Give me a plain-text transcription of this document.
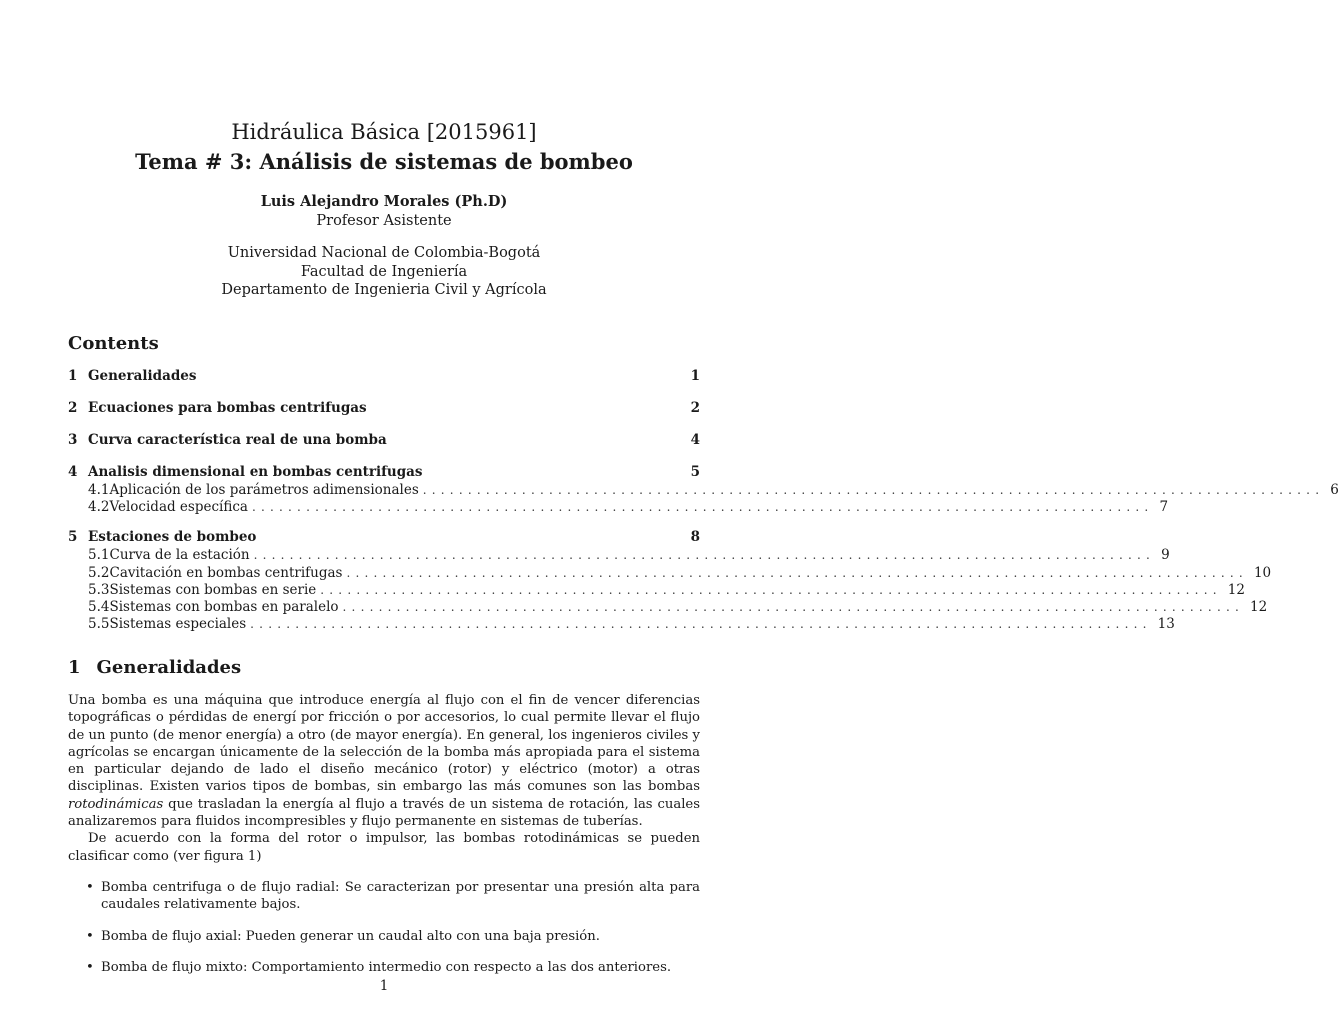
Hidráulica Básica [2015961]
Tema # 3: Análisis de sistemas de bombeo
Luis Alejandro Morales (Ph.D)
Profesor Asistente
Universidad Nacional de Colombia-Bogotá
Facultad de Ingeniería
Departamento de Ingenieria Civil y Agrícola
Contents
1 Generalidades	1
2 Ecuaciones para bombas centrifugas	2
3 Curva característica real de una bomba	4
4 Analisis dimensional en bombas centrifugas	5
4.1 Aplicación de los parámetros adimensionales .................................................................................................... 6
4.2 Velocidad específica .................................................................................................... 7
5 Estaciones de bombeo	8
5.1 Curva de la estación .................................................................................................... 9
5.2 Cavitación en bombas centrifugas .................................................................................................... 10
5.3 Sistemas con bombas en serie .................................................................................................... 12
5.4 Sistemas con bombas en paralelo .................................................................................................... 12
5.5 Sistemas especiales .................................................................................................... 13
1 Generalidades

Una bomba es una máquina que introduce energía al flujo con el fin de vencer diferencias topográficas o pérdidas de energí por fricción o por accesorios, lo cual permite llevar el flujo de un punto (de menor energía) a otro (de mayor energía). En general, los ingenieros civiles y agrícolas se encargan únicamente de la selección de la bomba más apropiada para el sistema en particular dejando de lado el diseño mecánico (rotor) y eléctrico (motor) a otras disciplinas. Existen varios tipos de bombas, sin embargo las más comunes son las bombas rotodinámicas que trasladan la energía al flujo a través de un sistema de rotación, las cuales analizaremos para fluidos incompresibles y flujo permanente en sistemas de tuberías.

De acuerdo con la forma del rotor o impulsor, las bombas rotodinámicas se pueden clasificar como (ver figura 1)

• Bomba centrifuga o de flujo radial: Se caracterizan por presentar una presión alta para caudales relativamente bajos.
• Bomba de flujo axial: Pueden generar un caudal alto con una baja presión.
• Bomba de flujo mixto: Comportamiento intermedio con respecto a las dos anteriores.
1
